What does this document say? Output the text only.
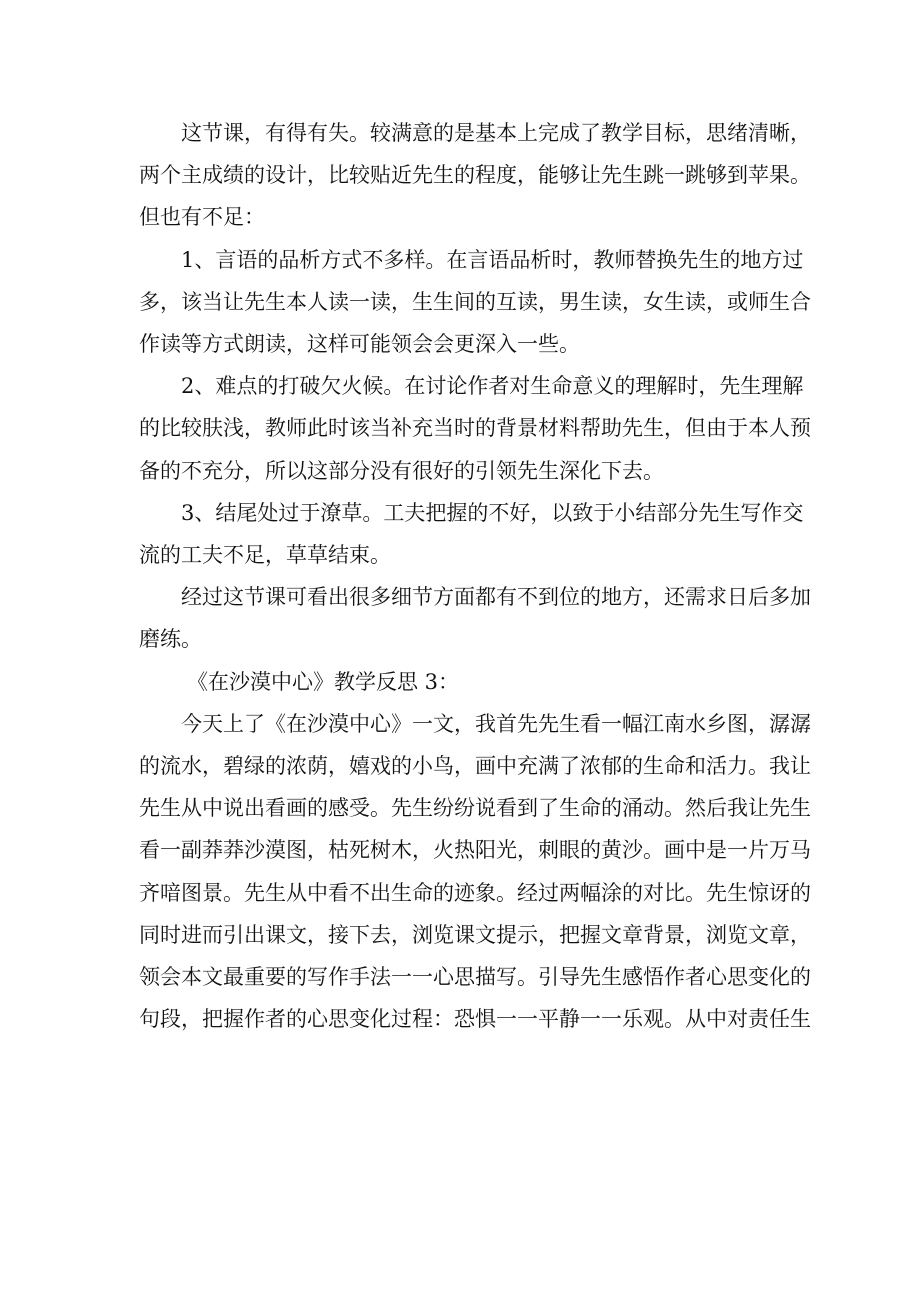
这节课，有得有失。较满意的是基本上完成了教学目标，思绪清晰，
两个主成绩的设计，比较贴近先生的程度，能够让先生跳一跳够到苹果。
但也有不足：

1、言语的品析方式不多样。在言语品析时，教师替换先生的地方过
多，该当让先生本人读一读，生生间的互读，男生读，女生读，或师生合
作读等方式朗读，这样可能领会会更深入一些。

2、难点的打破欠火候。在讨论作者对生命意义的理解时，先生理解
的比较肤浅，教师此时该当补充当时的背景材料帮助先生，但由于本人预
备的不充分，所以这部分没有很好的引领先生深化下去。

3、结尾处过于潦草。工夫把握的不好，以致于小结部分先生写作交
流的工夫不足，草草结束。

经过这节课可看出很多细节方面都有不到位的地方，还需求日后多加
磨练。

《在沙漠中心》教学反思 3：

今天上了《在沙漠中心》一文，我首先先生看一幅江南水乡图，潺潺
的流水，碧绿的浓荫，嬉戏的小鸟，画中充满了浓郁的生命和活力。我让
先生从中说出看画的感受。先生纷纷说看到了生命的涌动。然后我让先生
看一副莽莽沙漠图，枯死树木，火热阳光，刺眼的黄沙。画中是一片万马
齐喑图景。先生从中看不出生命的迹象。经过两幅涂的对比。先生惊讶的
同时进而引出课文，接下去，浏览课文提示，把握文章背景，浏览文章，
领会本文最重要的写作手法一一心思描写。引导先生感悟作者心思变化的
句段，把握作者的心思变化过程：恐惧一一平静一一乐观。从中对责任生
